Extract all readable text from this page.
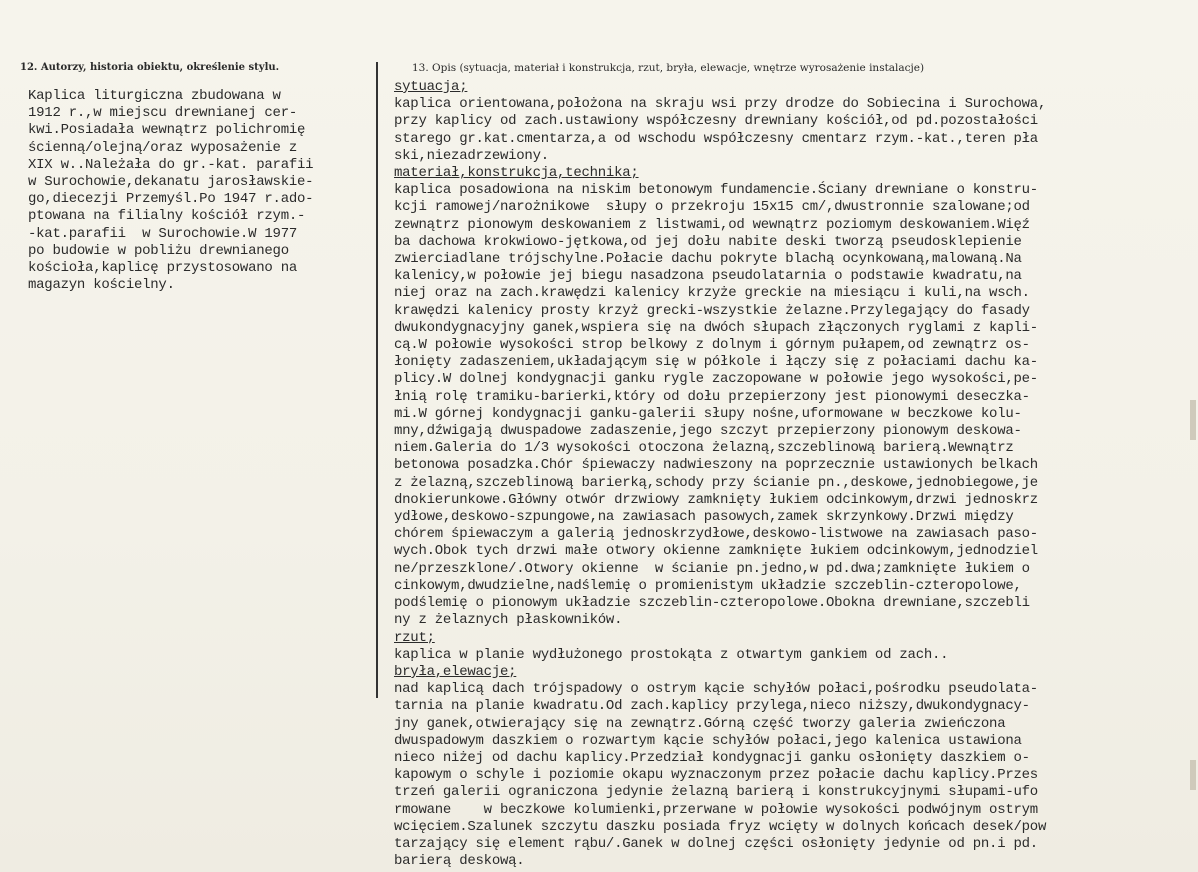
12. Autorzy, historia obiektu, określenie stylu.	13. Opis (sytuacja, materiał i konstrukcja, rzut, bryła, elewacje, wnętrze wyrosażenie instalacje)
Kaplica liturgiczna zbudowana w
1912 r.,w miejscu drewnianej cer-
kwi.Posiadała wewnątrz polichromię
ścienną/olejną/oraz wyposażenie z
XIX w..Należała do gr.-kat. parafii
w Surochowie,dekanatu jarosławskie-
go,diecezji Przemyśl.Po 1947 r.ado-
ptowana na filialny kościół rzym.-
-kat.parafii  w Surochowie.W 1977
po budowie w pobliżu drewnianego
kościoła,kaplicę przystosowano na
magazyn kościelny.
sytuacja;
kaplica orientowana,położona na skraju wsi przy drodze do Sobiecina i Surochowa,
przy kaplicy od zach.ustawiony współczesny drewniany kościół,od pd.pozostałości
starego gr.kat.cmentarza,a od wschodu współczesny cmentarz rzym.-kat.,teren pła
ski,niezadrzewiony.
materiał,konstrukcja,technika;
kaplica posadowiona na niskim betonowym fundamencie.Ściany drewniane o konstru-
kcji ramowej/narożnikowe  słupy o przekroju 15x15 cm/,dwustronnie szalowane;od
zewnątrz pionowym deskowaniem z listwami,od wewnątrz poziomym deskowaniem.Więź
ba dachowa krokwiowo-jętkowa,od jej dołu nabite deski tworzą pseudosklepienie
zwierciadlane trójschylne.Połacie dachu pokryte blachą ocynkowaną,malowaną.Na
kalenicy,w połowie jej biegu nasadzona pseudolatarnia o podstawie kwadratu,na
niej oraz na zach.krawędzi kalenicy krzyże greckie na miesiącu i kuli,na wsch.
krawędzi kalenicy prosty krzyż grecki-wszystkie żelazne.Przylegający do fasady
dwukondygnacyjny ganek,wspiera się na dwóch słupach złączonych ryglami z kapli-
cą.W połowie wysokości strop belkowy z dolnym i górnym pułapem,od zewnątrz os-
łonięty zadaszeniem,układającym się w półkole i łączy się z połaciami dachu ka-
plicy.W dolnej kondygnacji ganku rygle zaczopowane w połowie jego wysokości,pe-
łnią rolę tramiku-barierki,który od dołu przepierzony jest pionowymi deseczka-
mi.W górnej kondygnacji ganku-galerii słupy nośne,uformowane w beczkowe kolu-
mny,dźwigają dwuspadowe zadaszenie,jego szczyt przepierzony pionowym deskowa-
niem.Galeria do 1/3 wysokości otoczona żelazną,szczeblinową barierą.Wewnątrz
betonowa posadzka.Chór śpiewaczy nadwieszony na poprzecznie ustawionych belkach
z żelazną,szczeblinową barierką,schody przy ścianie pn.,deskowe,jednobiegowe,je
dnokierunkowe.Główny otwór drzwiowy zamknięty łukiem odcinkowym,drzwi jednoskrz
ydłowe,deskowo-szpungowe,na zawiasach pasowych,zamek skrzynkowy.Drzwi między
chórem śpiewaczym a galerią jednoskrzydłowe,deskowo-listwowe na zawiasach paso-
wych.Obok tych drzwi małe otwory okienne zamknięte łukiem odcinkowym,jednodziel
ne/przeszklone/.Otwory okienne  w ścianie pn.jedno,w pd.dwa;zamknięte łukiem o
cinkowym,dwudzielne,nadślemię o promienistym układzie szczeblin-czteropolowe,
podślemię o pionowym układzie szczeblin-czteropolowe.Obokna drewniane,szczebli
ny z żelaznych płaskowników.
rzut;
kaplica w planie wydłużonego prostokąta z otwartym gankiem od zach..
bryła,elewacje;
nad kaplicą dach trójspadowy o ostrym kącie schyłów połaci,pośrodku pseudolata-
tarnia na planie kwadratu.Od zach.kaplicy przylega,nieco niższy,dwukondygnacy-
jny ganek,otwierający się na zewnątrz.Górną część tworzy galeria zwieńczona
dwuspadowym daszkiem o rozwartym kącie schyłów połaci,jego kalenica ustawiona
nieco niżej od dachu kaplicy.Przedział kondygnacji ganku osłonięty daszkiem o-
kapowym o schyle i poziomie okapu wyznaczonym przez połacie dachu kaplicy.Przes
trzeń galerii ograniczona jedynie żelazną barierą i konstrukcyjnymi słupami-ufo
rmowane    w beczkowe kolumienki,przerwane w połowie wysokości podwójnym ostrym
wcięciem.Szalunek szczytu daszku posiada fryz wcięty w dolnych końcach desek/pow
tarzający się element rąbu/.Ganek w dolnej części osłonięty jedynie od pn.i pd.
barierą deskową.
